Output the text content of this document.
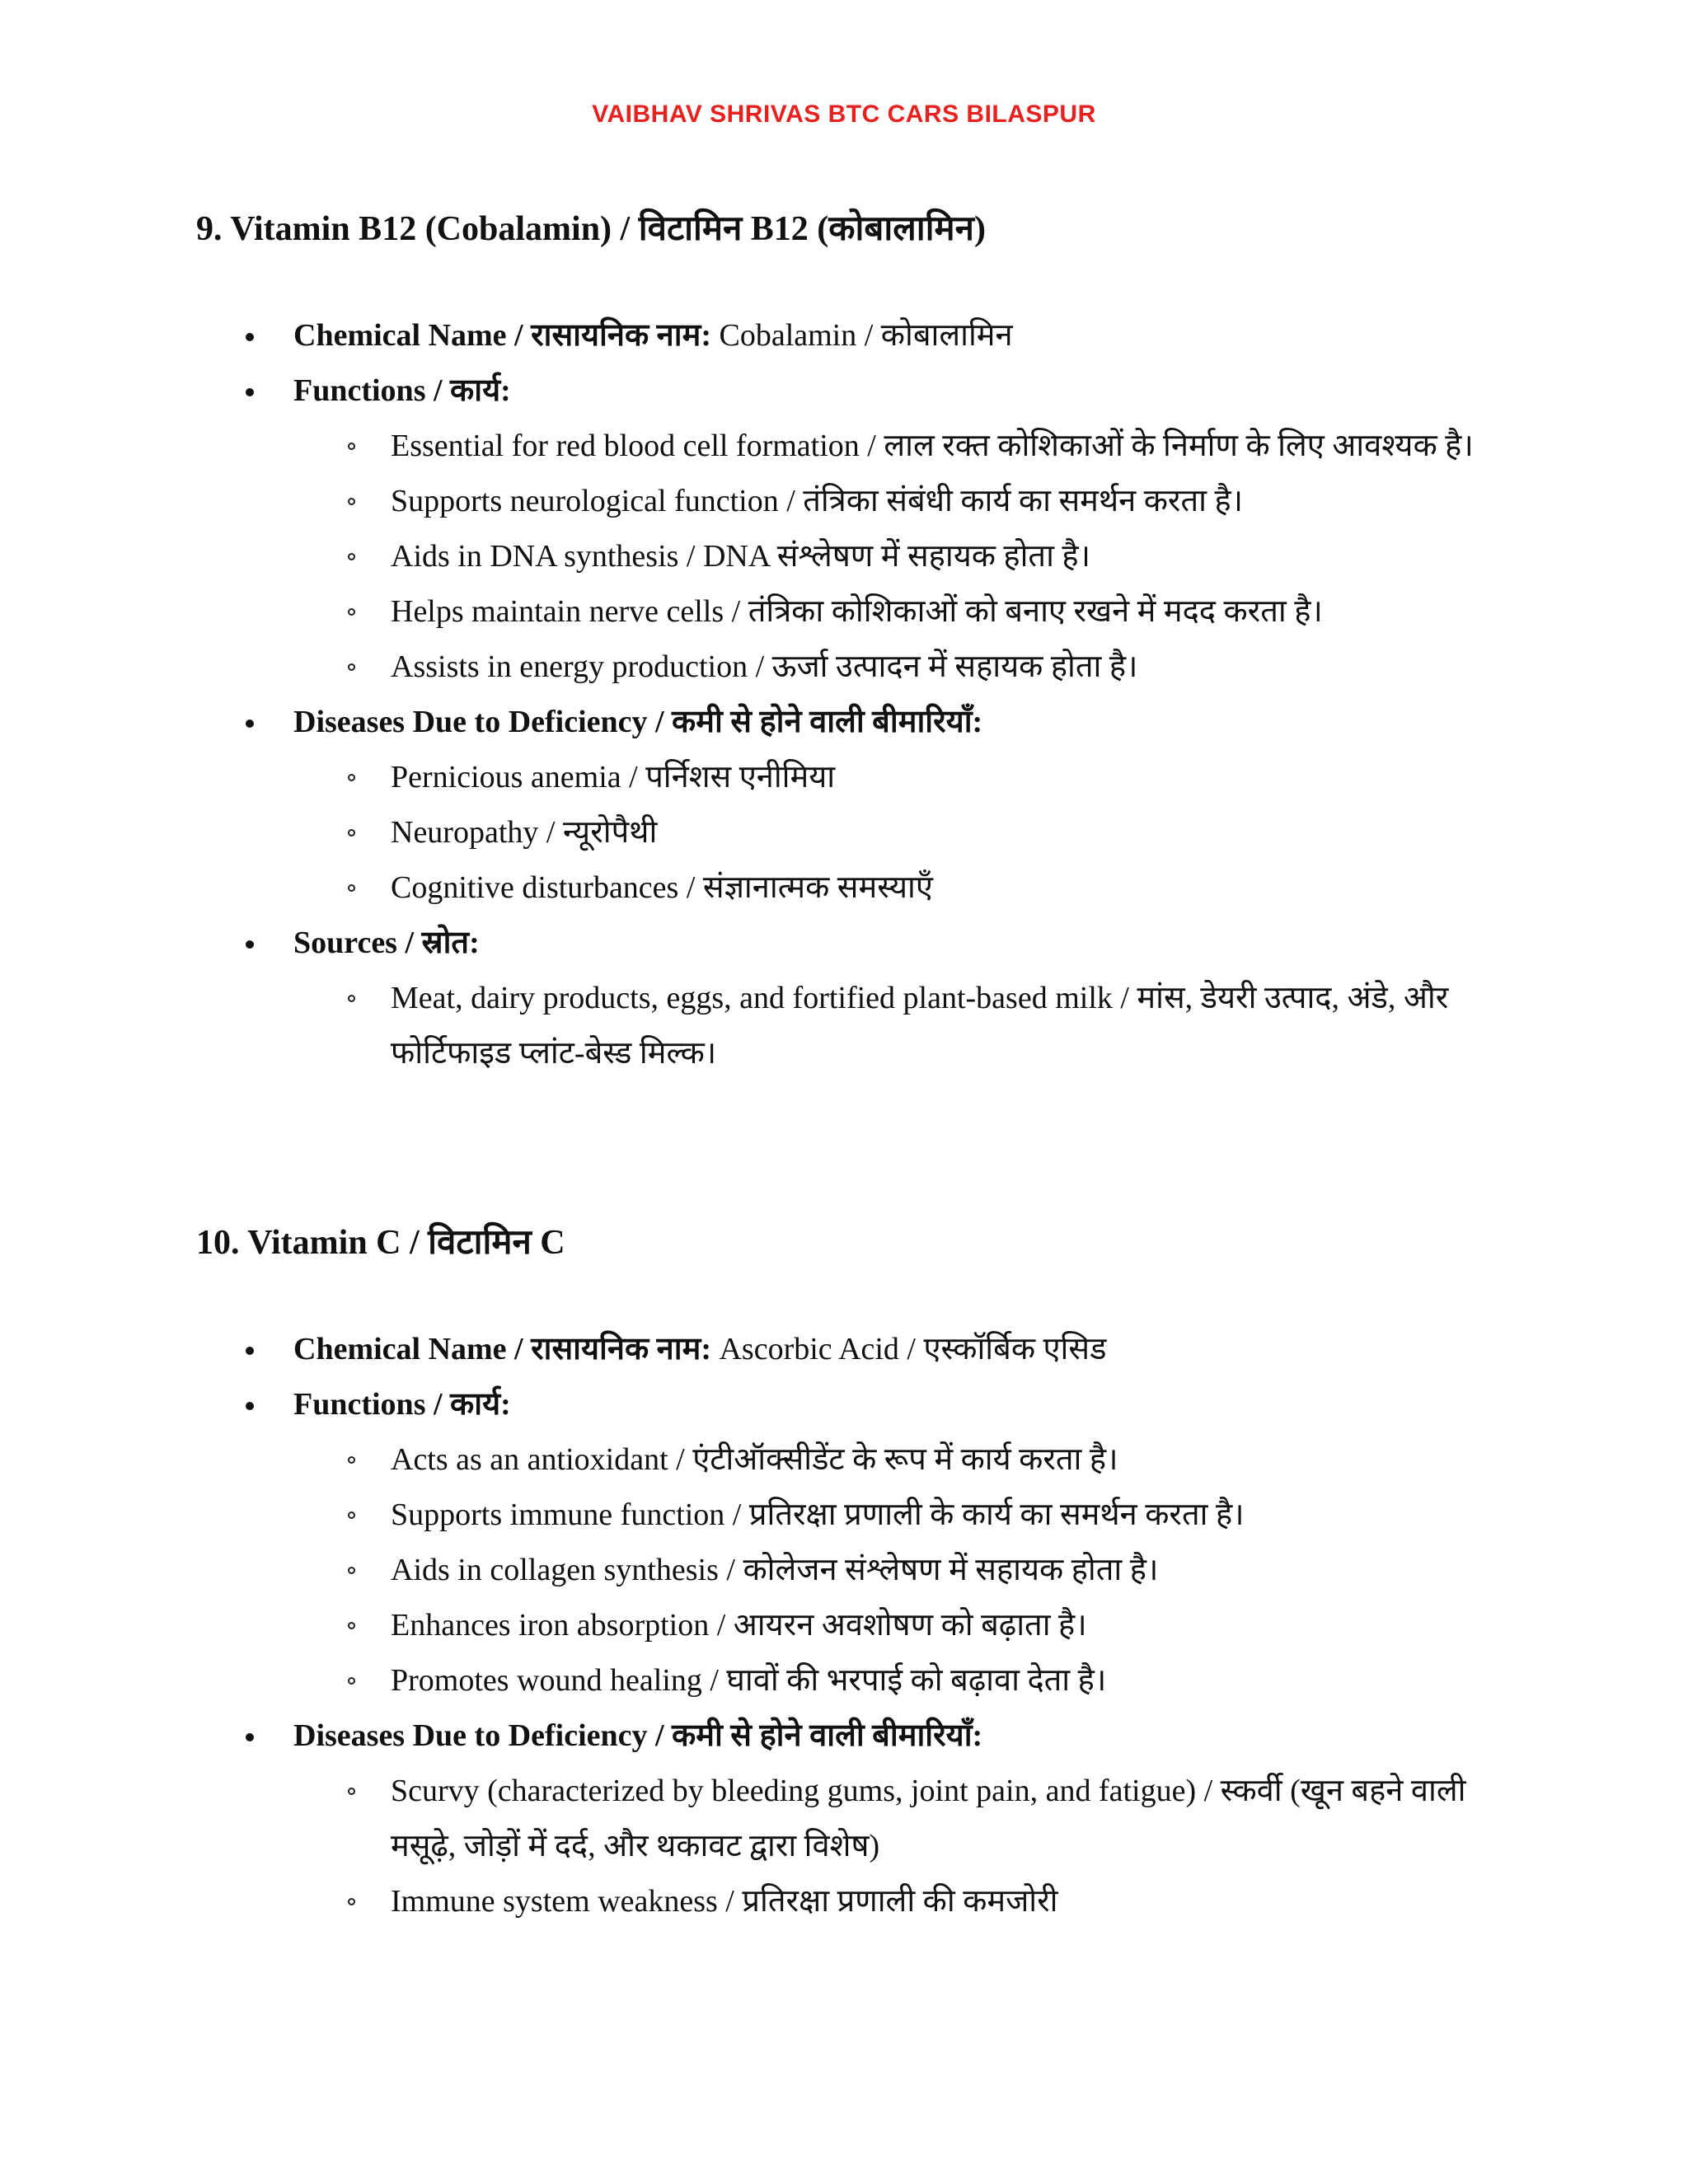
VAIBHAV SHRIVAS BTC CARS BILASPUR
9. Vitamin B12 (Cobalamin) / विटामिन B12 (कोबालामिन)
Chemical Name / रासायनिक नाम: Cobalamin / कोबालामिन
Functions / कार्य:
Essential for red blood cell formation / लाल रक्त कोशिकाओं के निर्माण के लिए आवश्यक है।
Supports neurological function / तंत्रिका संबंधी कार्य का समर्थन करता है।
Aids in DNA synthesis / DNA संश्लेषण में सहायक होता है।
Helps maintain nerve cells / तंत्रिका कोशिकाओं को बनाए रखने में मदद करता है।
Assists in energy production / ऊर्जा उत्पादन में सहायक होता है।
Diseases Due to Deficiency / कमी से होने वाली बीमारियाँ:
Pernicious anemia / पर्निशस एनीमिया
Neuropathy / न्यूरोपैथी
Cognitive disturbances / संज्ञानात्मक समस्याएँ
Sources / स्रोत:
Meat, dairy products, eggs, and fortified plant-based milk / मांस, डेयरी उत्पाद, अंडे, और फोर्टिफाइड प्लांट-बेस्ड मिल्क।
10. Vitamin C / विटामिन C
Chemical Name / रासायनिक नाम: Ascorbic Acid / एस्कॉर्बिक एसिड
Functions / कार्य:
Acts as an antioxidant / एंटीऑक्सीडेंट के रूप में कार्य करता है।
Supports immune function / प्रतिरक्षा प्रणाली के कार्य का समर्थन करता है।
Aids in collagen synthesis / कोलेजन संश्लेषण में सहायक होता है।
Enhances iron absorption / आयरन अवशोषण को बढ़ाता है।
Promotes wound healing / घावों की भरपाई को बढ़ावा देता है।
Diseases Due to Deficiency / कमी से होने वाली बीमारियाँ:
Scurvy (characterized by bleeding gums, joint pain, and fatigue) / स्कर्वी (खून बहने वाली मसूढ़े, जोड़ों में दर्द, और थकावट द्वारा विशेष)
Immune system weakness / प्रतिरक्षा प्रणाली की कमजोरी
